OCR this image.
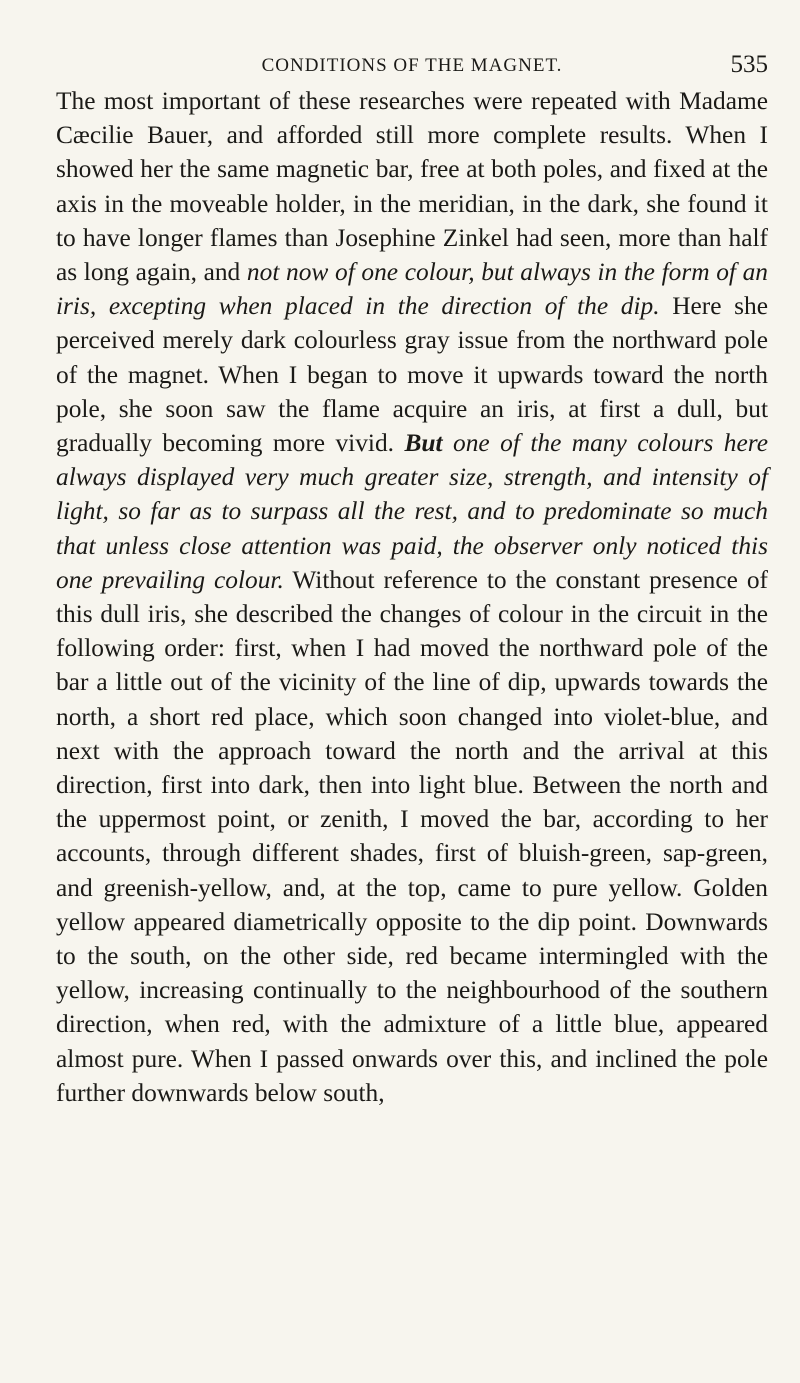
CONDITIONS OF THE MAGNET.	535

The most important of these researches were repeated with Madame Cæcilie Bauer, and afforded still more complete results. When I showed her the same magnetic bar, free at both poles, and fixed at the axis in the moveable holder, in the meridian, in the dark, she found it to have longer flames than Josephine Zinkel had seen, more than half as long again, and not now of one colour, but always in the form of an iris, excepting when placed in the direction of the dip. Here she perceived merely dark colourless gray issue from the northward pole of the magnet. When I began to move it upwards toward the north pole, she soon saw the flame acquire an iris, at first a dull, but gradually becoming more vivid. But one of the many colours here always displayed very much greater size, strength, and intensity of light, so far as to surpass all the rest, and to predominate so much that unless close attention was paid, the observer only noticed this one prevailing colour. Without reference to the constant presence of this dull iris, she described the changes of colour in the circuit in the following order: first, when I had moved the northward pole of the bar a little out of the vicinity of the line of dip, upwards towards the north, a short red place, which soon changed into violet-blue, and next with the approach toward the north and the arrival at this direction, first into dark, then into light blue. Between the north and the uppermost point, or zenith, I moved the bar, according to her accounts, through different shades, first of bluish-green, sap-green, and greenish-yellow, and, at the top, came to pure yellow. Golden yellow appeared diametrically opposite to the dip point. Downwards to the south, on the other side, red became intermingled with the yellow, increasing continually to the neighbourhood of the southern direction, when red, with the admixture of a little blue, appeared almost pure. When I passed onwards over this, and inclined the pole further downwards below south,
